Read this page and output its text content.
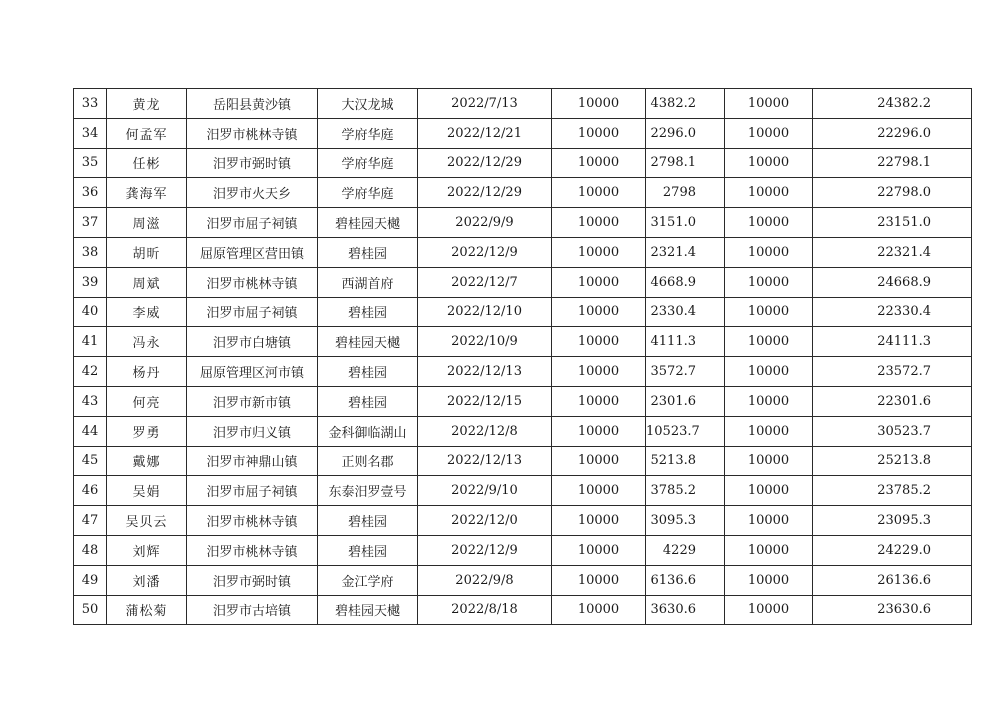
33	黄龙	岳阳县黄沙镇	大汉龙城	2022/7/13	10000	4382.2	10000	24382.2
34	何孟军	汨罗市桃林寺镇	学府华庭	2022/12/21	10000	2296.0	10000	22296.0
35	任彬	汨罗市弼时镇	学府华庭	2022/12/29	10000	2798.1	10000	22798.1
36	龚海军	汨罗市火天乡	学府华庭	2022/12/29	10000	2798	10000	22798.0
37	周滋	汨罗市屈子祠镇	碧桂园天樾	2022/9/9	10000	3151.0	10000	23151.0
38	胡昕	屈原管理区营田镇	碧桂园	2022/12/9	10000	2321.4	10000	22321.4
39	周斌	汨罗市桃林寺镇	西湖首府	2022/12/7	10000	4668.9	10000	24668.9
40	李威	汨罗市屈子祠镇	碧桂园	2022/12/10	10000	2330.4	10000	22330.4
41	冯永	汨罗市白塘镇	碧桂园天樾	2022/10/9	10000	4111.3	10000	24111.3
42	杨丹	屈原管理区河市镇	碧桂园	2022/12/13	10000	3572.7	10000	23572.7
43	何亮	汨罗市新市镇	碧桂园	2022/12/15	10000	2301.6	10000	22301.6
44	罗勇	汨罗市归义镇	金科御临湖山	2022/12/8	10000	10523.7	10000	30523.7
45	戴娜	汨罗市神鼎山镇	正则名郡	2022/12/13	10000	5213.8	10000	25213.8
46	吴娟	汨罗市屈子祠镇	东泰汨罗壹号	2022/9/10	10000	3785.2	10000	23785.2
47	吴贝云	汨罗市桃林寺镇	碧桂园	2022/12/0	10000	3095.3	10000	23095.3
48	刘辉	汨罗市桃林寺镇	碧桂园	2022/12/9	10000	4229	10000	24229.0
49	刘潘	汨罗市弼时镇	金江学府	2022/9/8	10000	6136.6	10000	26136.6
50	蒲松菊	汨罗市古培镇	碧桂园天樾	2022/8/18	10000	3630.6	10000	23630.6
